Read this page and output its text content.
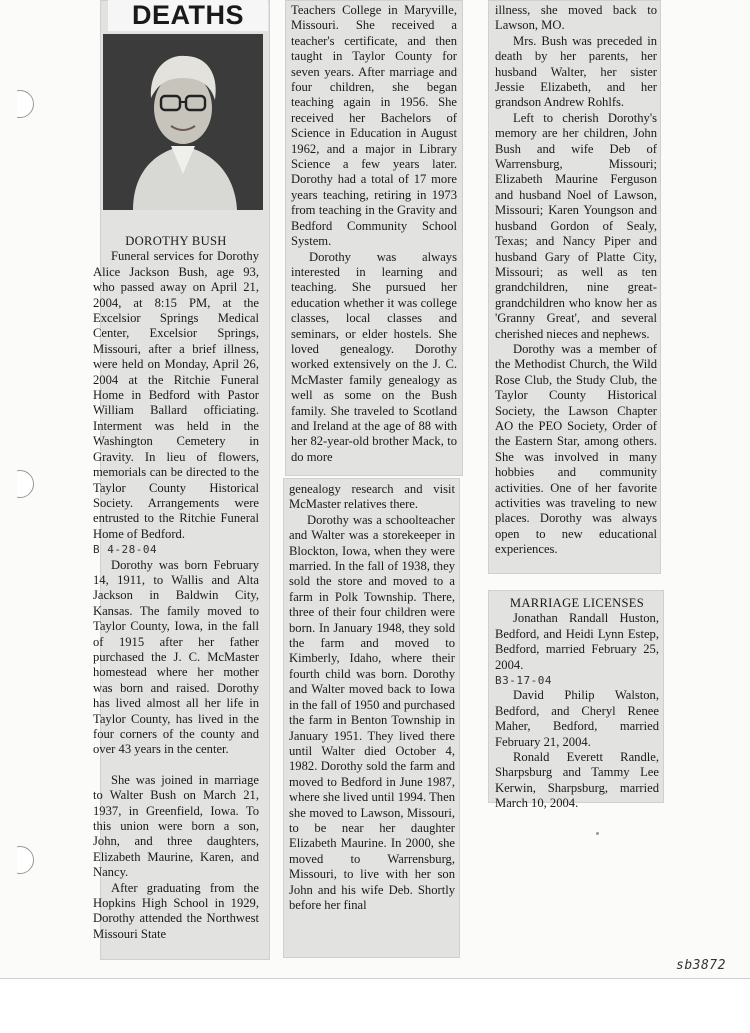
DEATHS

DOROTHY BUSH

Funeral services for Dorothy Alice Jackson Bush, age 93, who passed away on April 21, 2004, at 8:15 PM, at the Excelsior Springs Medical Center, Excelsior Springs, Missouri, after a brief illness, were held on Monday, April 26, 2004 at the Ritchie Funeral Home in Bedford with Pastor William Ballard officiating. Interment was held in the Washington Cemetery in Gravity. In lieu of flowers, memorials can be directed to the Taylor County Historical Society. Arrangements were entrusted to the Ritchie Funeral Home of Bedford.

B 4-28-04

Dorothy was born February 14, 1911, to Wallis and Alta Jackson in Baldwin City, Kansas. The family moved to Taylor County, Iowa, in the fall of 1915 after her father purchased the J. C. McMaster homestead where her mother was born and raised. Dorothy has lived almost all her life in Taylor County, has lived in the four corners of the county and over 43 years in the center.

She was joined in marriage to Walter Bush on March 21, 1937, in Greenfield, Iowa. To this union were born a son, John, and three daughters, Elizabeth Maurine, Karen, and Nancy.

After graduating from the Hopkins High School in 1929, Dorothy attended the Northwest Missouri State

Teachers College in Maryville, Missouri. She received a teacher's certificate, and then taught in Taylor County for seven years. After marriage and four children, she began teaching again in 1956. She received her Bachelors of Science in Education in August 1962, and a major in Library Science a few years later. Dorothy had a total of 17 more years teaching, retiring in 1973 from teaching in the Gravity and Bedford Community School System.

Dorothy was always interested in learning and teaching. She pursued her education whether it was college classes, local classes and seminars, or elder hostels. She loved genealogy. Dorothy worked extensively on the J. C. McMaster family genealogy as well as some on the Bush family. She traveled to Scotland and Ireland at the age of 88 with her 82-year-old brother Mack, to do more

genealogy research and visit McMaster relatives there.

Dorothy was a schoolteacher and Walter was a storekeeper in Blockton, Iowa, when they were married. In the fall of 1938, they sold the store and moved to a farm in Polk Township. There, three of their four children were born. In January 1948, they sold the farm and moved to Kimberly, Idaho, where their fourth child was born. Dorothy and Walter moved back to Iowa in the fall of 1950 and purchased the farm in Benton Township in January 1951. They lived there until Walter died October 4, 1982. Dorothy sold the farm and moved to Bedford in June 1987, where she lived until 1994. Then she moved to Lawson, Missouri, to be near her daughter Elizabeth Maurine. In 2000, she moved to Warrensburg, Missouri, to live with her son John and his wife Deb. Shortly before her final

illness, she moved back to Lawson, MO.

Mrs. Bush was preceded in death by her parents, her husband Walter, her sister Jessie Elizabeth, and her grandson Andrew Rohlfs.

Left to cherish Dorothy's memory are her children, John Bush and wife Deb of Warrensburg, Missouri; Elizabeth Maurine Ferguson and husband Noel of Lawson, Missouri; Karen Youngson and husband Gordon of Sealy, Texas; and Nancy Piper and husband Gary of Platte City, Missouri; as well as ten grandchildren, nine great-grandchildren who know her as 'Granny Great', and several cherished nieces and nephews.

Dorothy was a member of the Methodist Church, the Wild Rose Club, the Study Club, the Taylor County Historical Society, the Lawson Chapter AO the PEO Society, Order of the Eastern Star, among others. She was involved in many hobbies and community activities. One of her favorite activities was traveling to new places. Dorothy was always open to new educational experiences.

MARRIAGE LICENSES

Jonathan Randall Huston, Bedford, and Heidi Lynn Estep, Bedford, married February 25, 2004.

B3-17-04

David Philip Walston, Bedford, and Cheryl Renee Maher, Bedford, married February 21, 2004.

Ronald Everett Randle, Sharpsburg and Tammy Lee Kerwin, Sharpsburg, married March 10, 2004.

sb3872
